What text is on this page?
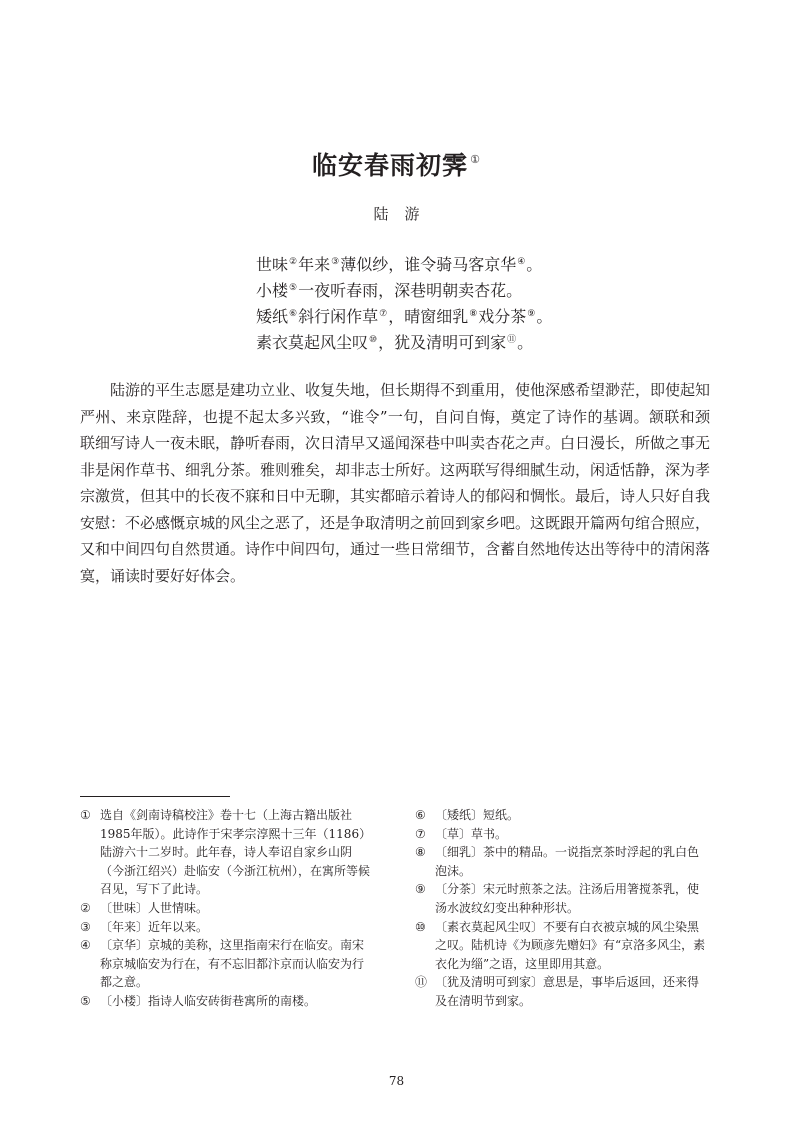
临安春雨初霁 ①
陆 游
世味②年来③薄似纱，谁令骑马客京华④。
小楼⑤一夜听春雨，深巷明朝卖杏花。
矮纸⑥斜行闲作草⑦，晴窗细乳⑧戏分茶⑨。
素衣莫起风尘叹⑩，犹及清明可到家⑪。

陆游的平生志愿是建功立业、收复失地，但长期得不到重用，使他深感希望渺茫，即使起知严州、来京陛辞，也提不起太多兴致，“谁令”一句，自问自悔，奠定了诗作的基调。颔联和颈联细写诗人一夜未眠，静听春雨，次日清早又遥闻深巷中叫卖杏花之声。白日漫长，所做之事无非是闲作草书、细乳分茶。雅则雅矣，却非志士所好。这两联写得细腻生动，闲适恬静，深为孝宗激赏，但其中的长夜不寐和日中无聊，其实都暗示着诗人的郁闷和惆怅。最后，诗人只好自我安慰：不必感慨京城的风尘之恶了，还是争取清明之前回到家乡吧。这既跟开篇两句绾合照应，又和中间四句自然贯通。诗作中间四句，通过一些日常细节，含蓄自然地传达出等待中的清闲落寞，诵读时要好好体会。

① 选自《剑南诗稿校注》卷十七（上海古籍出版社1985年版）。此诗作于宋孝宗淳熙十三年（1186）陆游六十二岁时。此年春，诗人奉诏自家乡山阴（今浙江绍兴）赴临安（今浙江杭州），在寓所等候召见，写下了此诗。
② 〔世味〕人世情味。
③ 〔年来〕近年以来。
④ 〔京华〕京城的美称，这里指南宋行在临安。南宋称京城临安为行在，有不忘旧都汴京而认临安为行都之意。
⑤ 〔小楼〕指诗人临安砖街巷寓所的南楼。
⑥ 〔矮纸〕短纸。
⑦ 〔草〕草书。
⑧ 〔细乳〕茶中的精品。一说指烹茶时浮起的乳白色泡沫。
⑨ 〔分茶〕宋元时煎茶之法。注汤后用箸搅茶乳，使汤水波纹幻变出种种形状。
⑩ 〔素衣莫起风尘叹〕不要有白衣被京城的风尘染黑之叹。陆机诗《为顾彦先赠妇》有“京洛多风尘，素衣化为缁”之语，这里即用其意。
⑪ 〔犹及清明可到家〕意思是，事毕后返回，还来得及在清明节到家。
78
